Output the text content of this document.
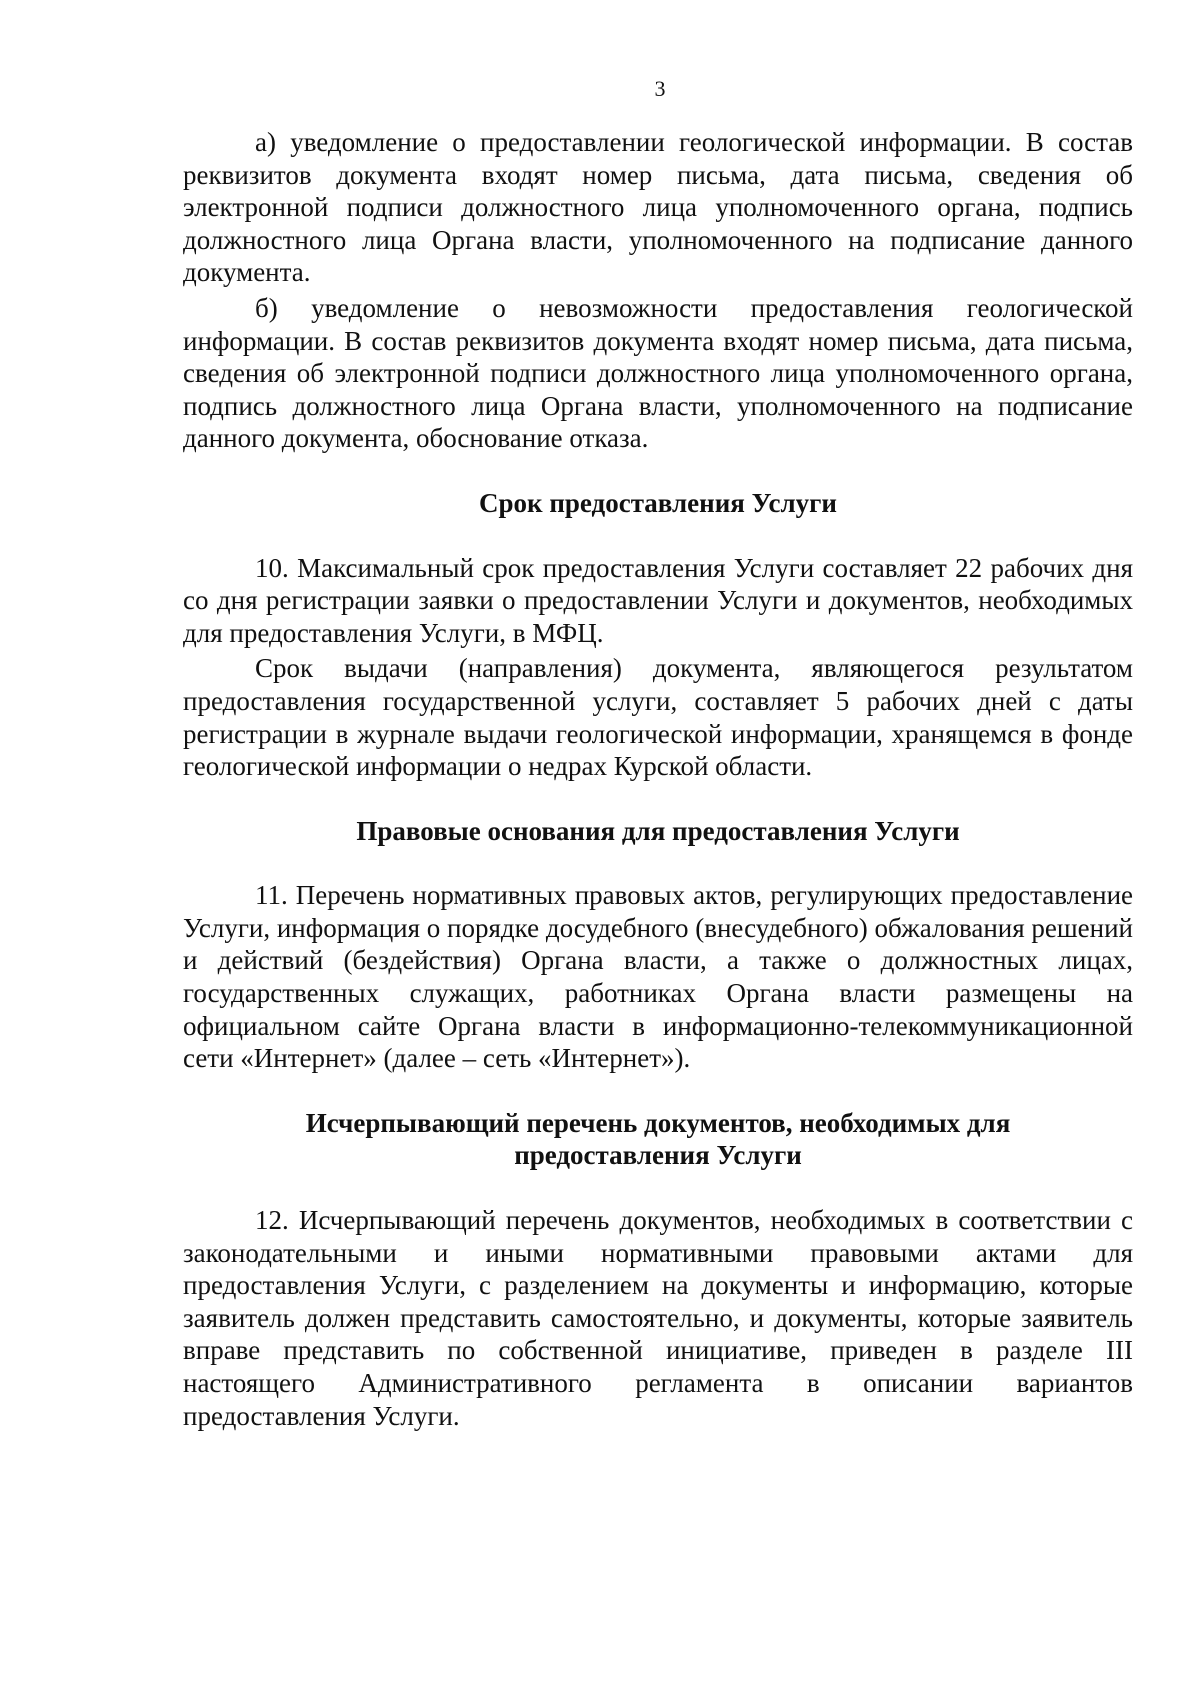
3

а) уведомление о предоставлении геологической информации. В состав реквизитов документа входят номер письма, дата письма, сведения об электронной подписи должностного лица уполномоченного органа, подпись должностного лица Органа власти, уполномоченного на подписание данного документа.

б) уведомление о невозможности предоставления геологической информации. В состав реквизитов документа входят номер письма, дата письма, сведения об электронной подписи должностного лица уполномоченного органа, подпись должностного лица Органа власти, уполномоченного на подписание данного документа, обоснование отказа.

Срок предоставления Услуги

10. Максимальный срок предоставления Услуги составляет 22 рабочих дня со дня регистрации заявки о предоставлении Услуги и документов, необходимых для предоставления Услуги, в МФЦ.

Срок выдачи (направления) документа, являющегося результатом предоставления государственной услуги, составляет 5 рабочих дней с даты регистрации в журнале выдачи геологической информации, хранящемся в фонде геологической информации о недрах Курской области.

Правовые основания для предоставления Услуги

11. Перечень нормативных правовых актов, регулирующих предоставление Услуги, информация о порядке досудебного (внесудебного) обжалования решений и действий (бездействия) Органа власти, а также о должностных лицах, государственных служащих, работниках Органа власти размещены на официальном сайте Органа власти в информационно-телекоммуникационной сети «Интернет» (далее – сеть «Интернет»).

Исчерпывающий перечень документов, необходимых для предоставления Услуги

12. Исчерпывающий перечень документов, необходимых в соответствии с законодательными и иными нормативными правовыми актами для предоставления Услуги, с разделением на документы и информацию, которые заявитель должен представить самостоятельно, и документы, которые заявитель вправе представить по собственной инициативе, приведен в разделе III настоящего Административного регламента в описании вариантов предоставления Услуги.
